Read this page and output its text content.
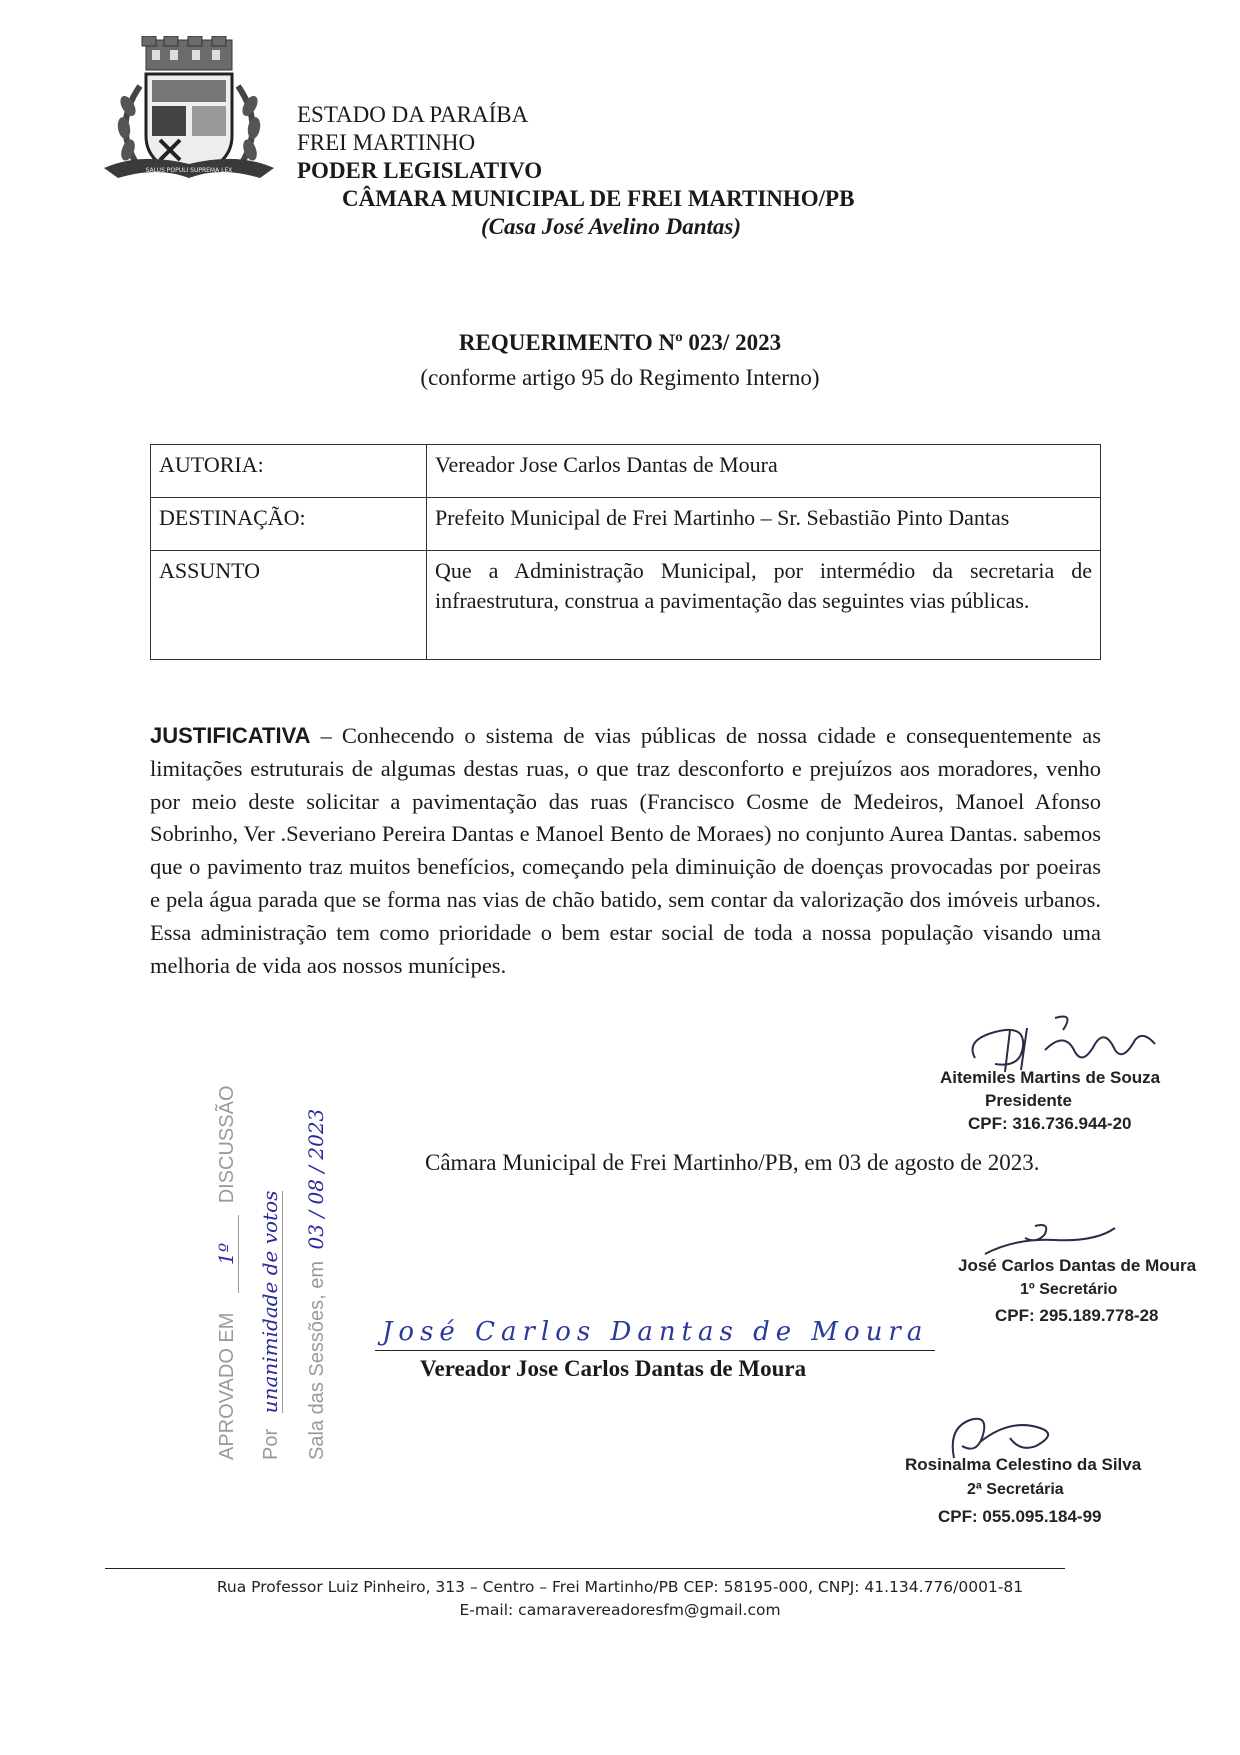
SALUS POPULI SUPREMA LEX
ESTADO DA PARAÍBA
FREI MARTINHO
PODER LEGISLATIVO
CÂMARA MUNICIPAL DE FREI MARTINHO/PB
(Casa José Avelino Dantas)
REQUERIMENTO Nº 023/ 2023
(conforme artigo 95 do Regimento Interno)
AUTORIA:	Vereador Jose Carlos Dantas de Moura
DESTINAÇÃO:	Prefeito Municipal de Frei Martinho – Sr. Sebastião Pinto Dantas
ASSUNTO	Que a Administração Municipal, por intermédio da secretaria de infraestrutura, construa a pavimentação das seguintes vias públicas.
JUSTIFICATIVA – Conhecendo o sistema de vias públicas de nossa cidade e consequentemente as limitações estruturais de algumas destas ruas, o que traz desconforto e prejuízos aos moradores, venho por meio deste solicitar a pavimentação das ruas (Francisco Cosme de Medeiros, Manoel Afonso Sobrinho, Ver .Severiano Pereira Dantas e Manoel Bento de Moraes) no conjunto Aurea Dantas. sabemos que o pavimento traz muitos benefícios, começando pela diminuição de doenças provocadas por poeiras e pela água parada que se forma nas vias de chão batido, sem contar da valorização dos imóveis urbanos. Essa administração tem como prioridade o bem estar social de toda a nossa população visando uma melhoria de vida aos nossos munícipes.
Aitemiles Martins de Souza
Presidente
CPF: 316.736.944-20
Câmara Municipal de Frei Martinho/PB, em 03 de agosto de 2023.
José Carlos Dantas de Moura
1º Secretário
CPF: 295.189.778-28
José Carlos Dantas de Moura
Vereador Jose Carlos Dantas de Moura
Rosinalma Celestino da Silva
2ª Secretária
CPF: 055.095.184-99
APROVADO EM 1º DISCUSSÃO
Por unanimidade de votos Sala das Sessões, em 03 / 08 / 2023
Rua Professor Luiz Pinheiro, 313 – Centro – Frei Martinho/PB CEP: 58195-000, CNPJ: 41.134.776/0001-81
E-mail: camaravereadoresfm@gmail.com
